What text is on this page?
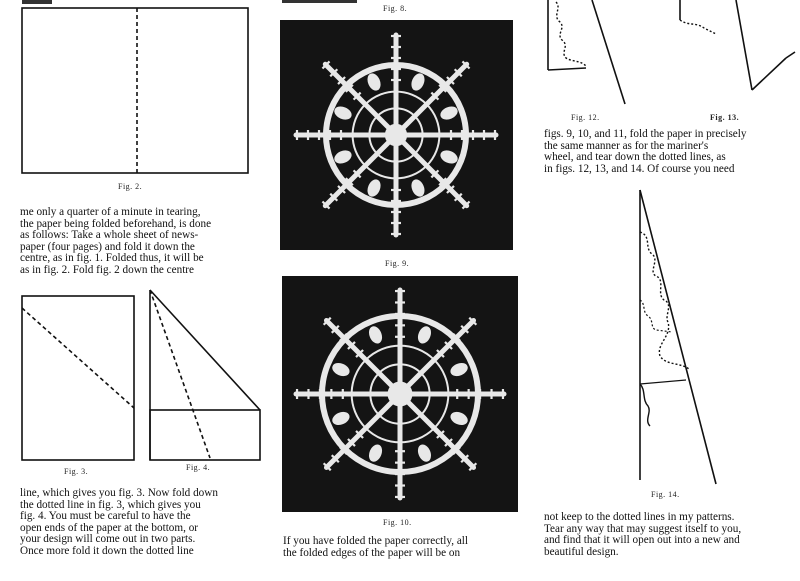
Fig. 2.
me only a quarter of a minute in tearing,
the paper being folded beforehand, is done
as follows: Take a whole sheet of news-
paper (four pages) and fold it down the
centre, as in fig. 1. Folded thus, it will be
as in fig. 2. Fold fig. 2 down the centre
Fig. 3.	Fig. 4.
line, which gives you fig. 3. Now fold down
the dotted line in fig. 3, which gives you
fig. 4. You must be careful to have the
open ends of the paper at the bottom, or
your design will come out in two parts.
Once more fold it down the dotted line
Fig. 8.
Fig. 9.
Fig. 10.
If you have folded the paper correctly, all
the folded edges of the paper will be on
Fig. 12.	Fig. 13.
figs. 9, 10, and 11, fold the paper in precisely
the same manner as for the mariner's
wheel, and tear down the dotted lines, as
in figs. 12, 13, and 14. Of course you need
Fig. 14.
not keep to the dotted lines in my patterns.
Tear any way that may suggest itself to you,
and find that it will open out into a new and
beautiful design.
